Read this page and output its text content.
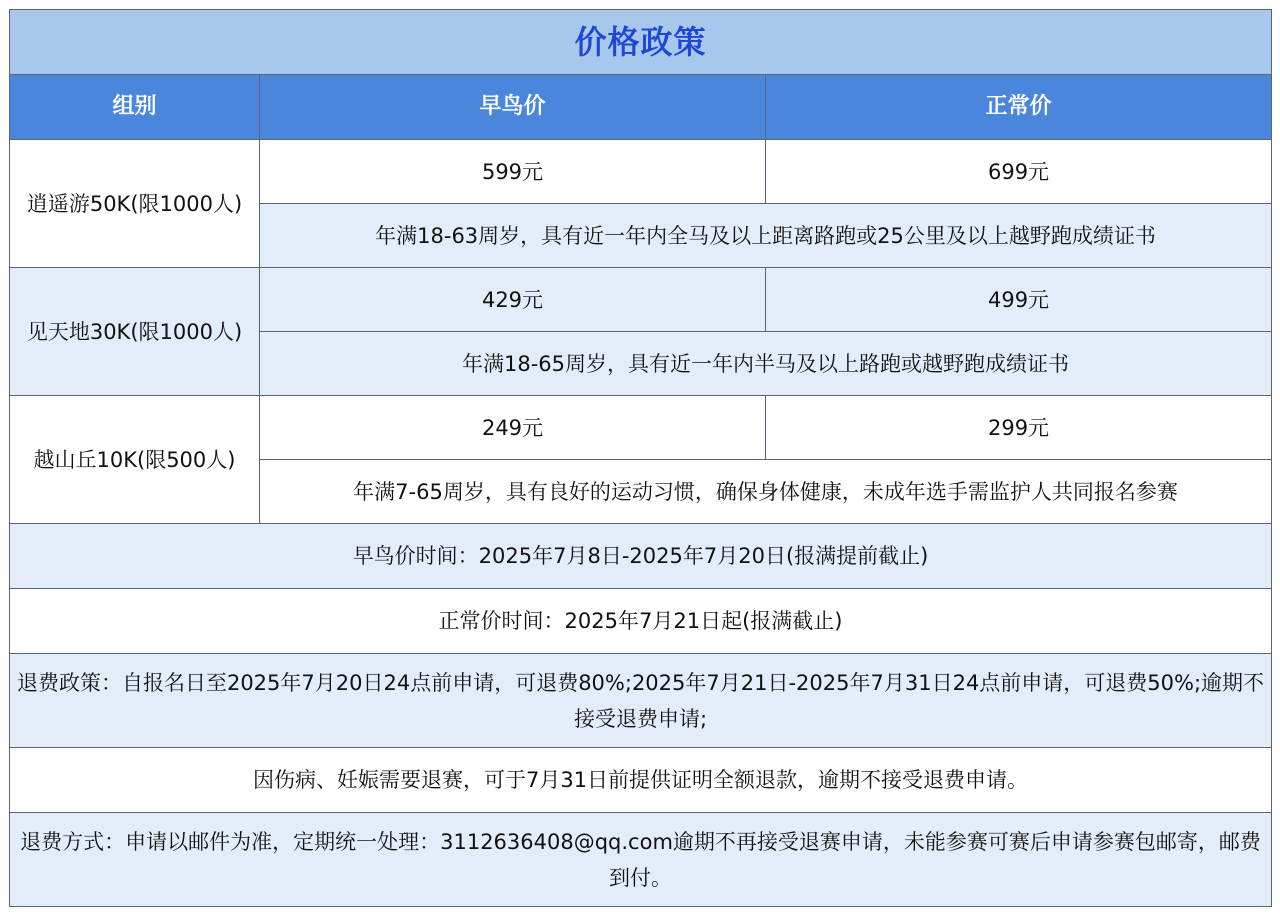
价格政策		
组别	早鸟价	正常价
逍遥游50K(限1000人)	599元	699元
	年满18-63周岁，具有近一年内全马及以上距离路跑或25公里及以上越野跑成绩证书	
见天地30K(限1000人)	429元	499元
	年满18-65周岁，具有近一年内半马及以上路跑或越野跑成绩证书	
越山丘10K(限500人)	249元	299元
	年满7-65周岁，具有良好的运动习惯，确保身体健康，未成年选手需监护人共同报名参赛	
早鸟价时间：2025年7月8日-2025年7月20日(报满提前截止)		
正常价时间：2025年7月21日起(报满截止)		
退费政策：自报名日至2025年7月20日24点前申请，可退费80%;2025年7月21日-2025年7月31日24点前申请，可退费50%;逾期不接受退费申请;		
因伤病、妊娠需要退赛，可于7月31日前提供证明全额退款，逾期不接受退费申请。		
退费方式：申请以邮件为准，定期统一处理：3112636408@qq.com逾期不再接受退赛申请，未能参赛可赛后申请参赛包邮寄，邮费到付。		
